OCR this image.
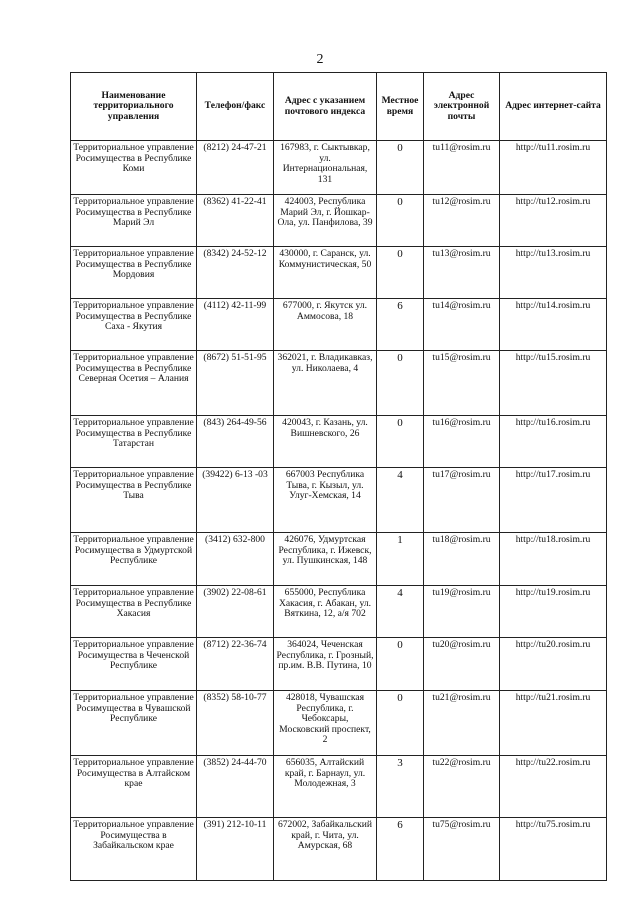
2
Наименование территориального управления	Телефон/факс	Адрес с указанием почтового индекса	Местное время	Адрес электронной почты	Адрес интернет-сайта
Территориальное управление Росимущества в Республике Коми	(8212) 24-47-21	167983, г. Сыктывкар, ул. Интернациональная, 131	0	tu11@rosim.ru	http://tu11.rosim.ru
Территориальное управление Росимущества в Республике Марий Эл	(8362) 41-22-41	424003, Республика Марий Эл, г. Йошкар-Ола, ул. Панфилова, 39	0	tu12@rosim.ru	http://tu12.rosim.ru
Территориальное управление Росимущества в Республике Мордовия	(8342) 24-52-12	430000, г. Саранск, ул. Коммунистическая, 50	0	tu13@rosim.ru	http://tu13.rosim.ru
Территориальное управление Росимущества в Республике Саха - Якутия	(4112) 42-11-99	677000, г. Якутск ул. Аммосова, 18	6	tu14@rosim.ru	http://tu14.rosim.ru
Территориальное управление Росимущества в Республике Северная Осетия – Алания	(8672) 51-51-95	362021, г. Владикавказ, ул. Николаева, 4	0	tu15@rosim.ru	http://tu15.rosim.ru
Территориальное управление Росимущества в Республике Татарстан	(843) 264-49-56	420043, г. Казань, ул. Вишневского, 26	0	tu16@rosim.ru	http://tu16.rosim.ru
Территориальное управление Росимущества в Республике Тыва	(39422) 6-13 -03	667003 Республика Тыва, г. Кызыл, ул. Улуг-Хемская, 14	4	tu17@rosim.ru	http://tu17.rosim.ru
Территориальное управление Росимущества в Удмуртской Республике	(3412) 632-800	426076, Удмуртская Республика, г. Ижевск, ул. Пушкинская, 148	1	tu18@rosim.ru	http://tu18.rosim.ru
Территориальное управление Росимущества в Республике Хакасия	(3902) 22-08-61	655000, Республика Хакасия, г. Абакан, ул. Вяткина, 12, а/я 702	4	tu19@rosim.ru	http://tu19.rosim.ru
Территориальное управление Росимущества в Чеченской Республике	(8712) 22-36-74	364024, Чеченская Республика, г. Грозный, пр.им. В.В. Путина, 10	0	tu20@rosim.ru	http://tu20.rosim.ru
Территориальное управление Росимущества в Чувашской Республике	(8352) 58-10-77	428018, Чувашская Республика, г. Чебоксары, Московский проспект, 2	0	tu21@rosim.ru	http://tu21.rosim.ru
Территориальное управление Росимущества в Алтайском крае	(3852) 24-44-70	656035, Алтайский край, г. Барнаул, ул. Молодежная, 3	3	tu22@rosim.ru	http://tu22.rosim.ru
Территориальное управление Росимущества в Забайкальском крае	(391) 212-10-11	672002, Забайкальский край, г. Чита, ул. Амурская, 68	6	tu75@rosim.ru	http://tu75.rosim.ru
